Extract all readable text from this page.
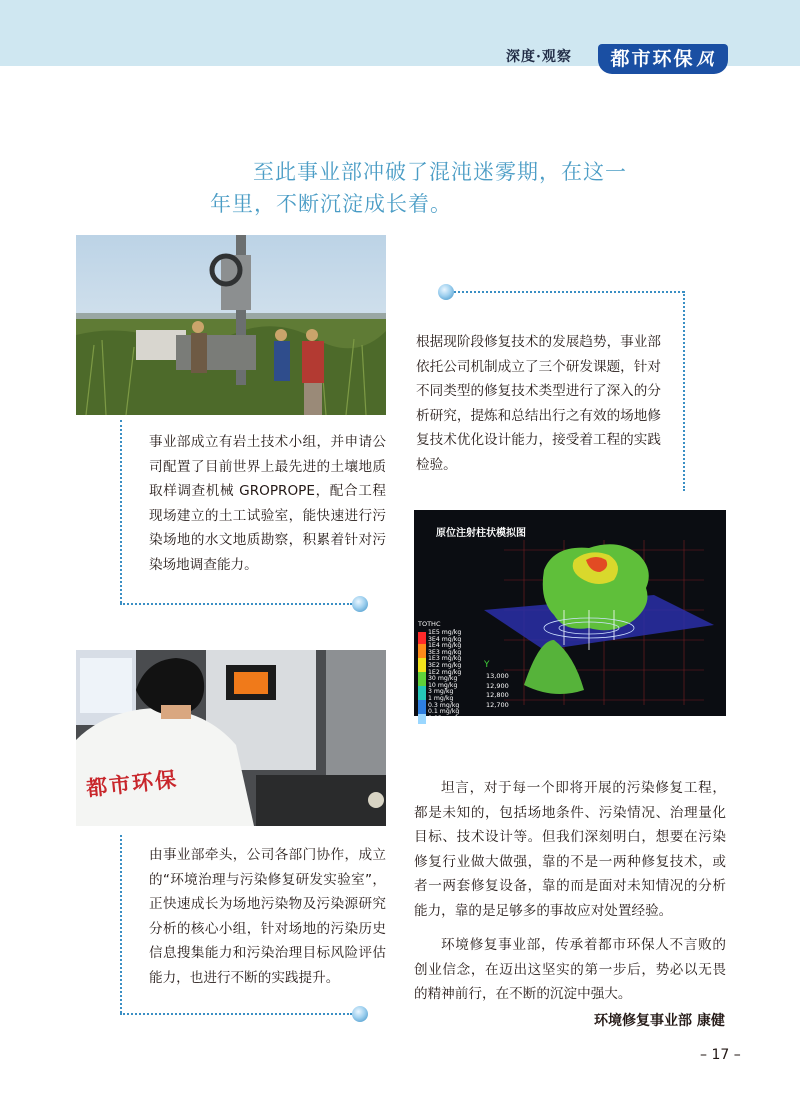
深度·观察	都市环保 风
至此事业部冲破了混沌迷雾期，在这一
年里，不断沉淀成长着。

事业部成立有岩土技术小组，并申请公司配置了目前世界上最先进的土壤地质取样调查机械 GROPROPE，配合工程现场建立的土工试验室，能快速进行污染场地的水文地质勘察，积累着针对污染场地调查能力。

根据现阶段修复技术的发展趋势，事业部依托公司机制成立了三个研发课题，针对不同类型的修复技术类型进行了深入的分析研究，提炼和总结出行之有效的场地修复技术优化设计能力，接受着工程的实践检验。

原位注射柱状模拟图
TOTHC
1E5 mg/kg
3E4 mg/kg
1E4 mg/kg
3E3 mg/kg
1E3 mg/kg
3E2 mg/kg
1E2 mg/kg
30 mg/kg
10 mg/kg
3 mg/kg
1 mg/kg
0.3 mg/kg
0.1 mg/kg
0.03 mg/kg
Y
13,000
12,900
12,800
12,700
都市环保

由事业部牵头，公司各部门协作，成立的“环境治理与污染修复研发实验室”，正快速成长为场地污染物及污染源研究分析的核心小组，针对场地的污染历史信息搜集能力和污染治理目标风险评估能力，也进行不断的实践提升。

坦言，对于每一个即将开展的污染修复工程，都是未知的，包括场地条件、污染情况、治理量化目标、技术设计等。但我们深刻明白，想要在污染修复行业做大做强，靠的不是一两种修复技术，或者一两套修复设备，靠的而是面对未知情况的分析能力，靠的是足够多的事故应对处置经验。

环境修复事业部，传承着都市环保人不言败的创业信念，在迈出这坚实的第一步后，势必以无畏的精神前行，在不断的沉淀中强大。

环境修复事业部 康健
– 17 –
